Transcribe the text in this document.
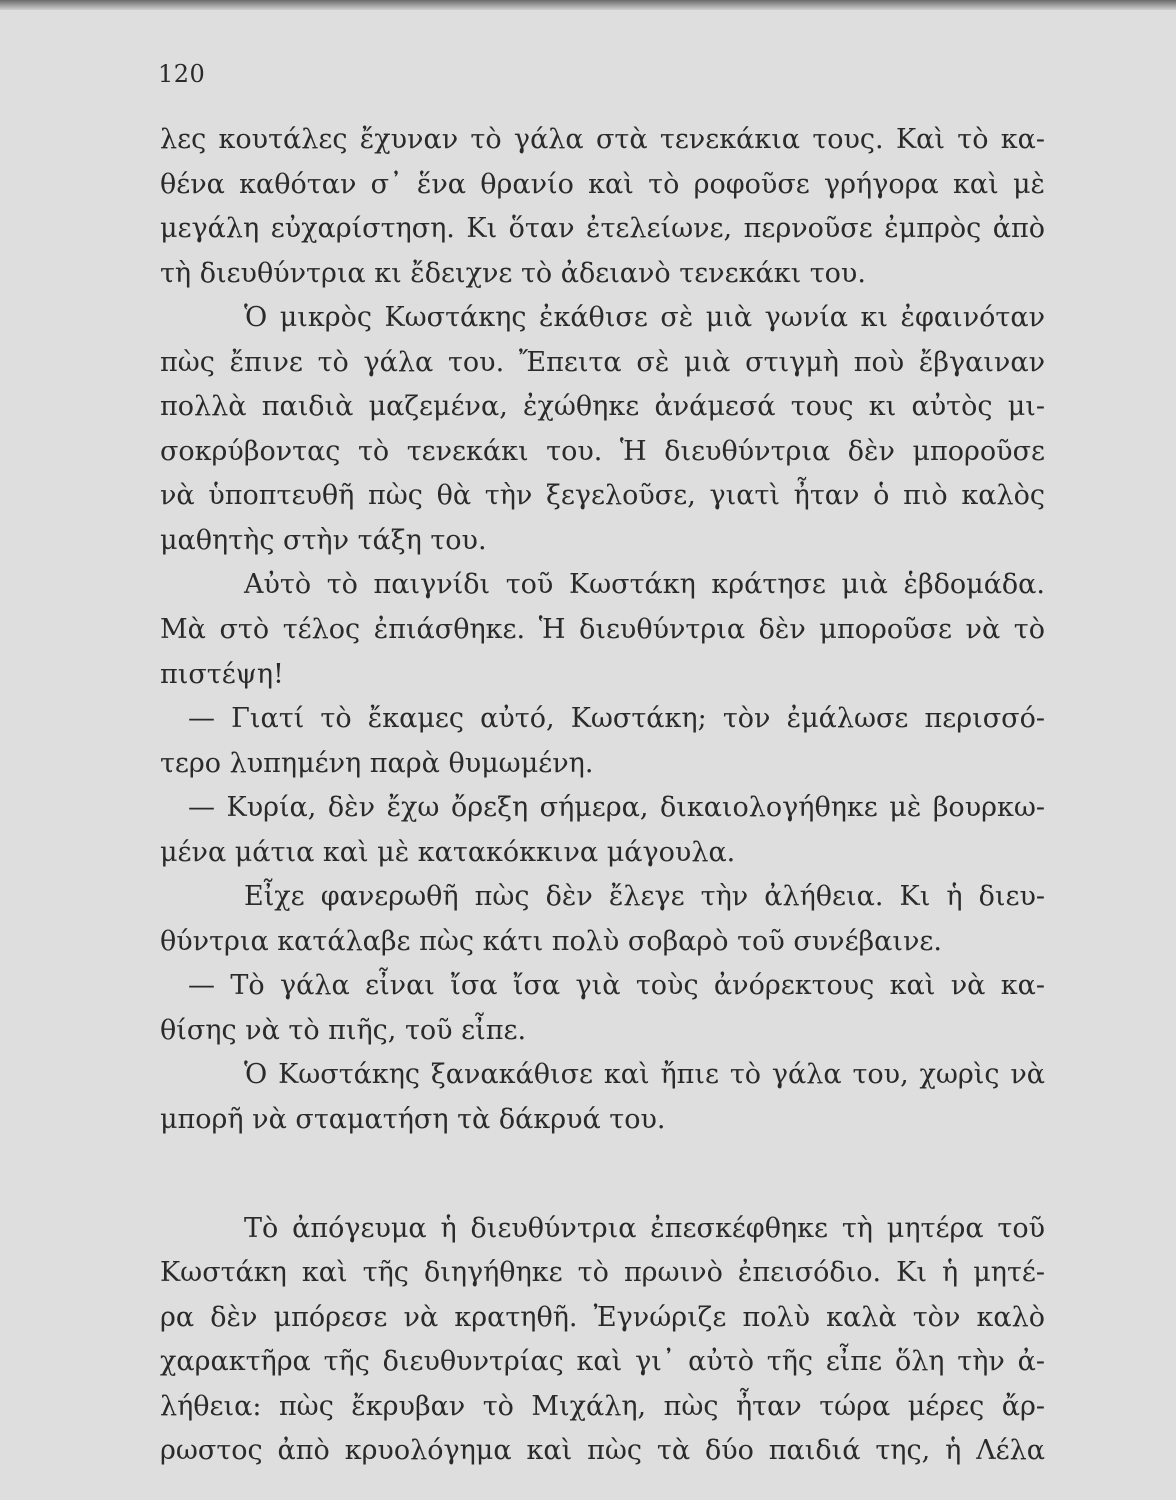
120
λες κουτάλες ἔχυναν τὸ γάλα στὰ τενεκάκια τους. Καὶ τὸ κα-
θένα καθόταν σ᾽ ἕνα θρανίο καὶ τὸ ροφοῦσε γρήγορα καὶ μὲ
μεγάλη εὐχαρίστηση. Κι ὅταν ἐτελείωνε, περνοῦσε ἐμπρὸς ἀπὸ
τὴ διευθύντρια κι ἔδειχνε τὸ ἀδειανὸ τενεκάκι του.
Ὁ μικρὸς Κωστάκης ἐκάθισε σὲ μιὰ γωνία κι ἐφαινόταν
πὼς ἔπινε τὸ γάλα του. Ἔπειτα σὲ μιὰ στιγμὴ ποὺ ἔβγαιναν
πολλὰ παιδιὰ μαζεμένα, ἐχώθηκε ἀνάμεσά τους κι αὐτὸς μι-
σοκρύβοντας τὸ τενεκάκι του. Ἡ διευθύντρια δὲν μποροῦσε
νὰ ὑποπτευθῆ πὼς θὰ τὴν ξεγελοῦσε, γιατὶ ἦταν ὁ πιὸ καλὸς
μαθητὴς στὴν τάξη του.
Αὐτὸ τὸ παιγνίδι τοῦ Κωστάκη κράτησε μιὰ ἑβδομάδα.
Μὰ στὸ τέλος ἐπιάσθηκε. Ἡ διευθύντρια δὲν μποροῦσε νὰ τὸ
πιστέψη!
— Γιατί τὸ ἔκαμες αὐτό, Κωστάκη; τὸν ἐμάλωσε περισσό-
τερο λυπημένη παρὰ θυμωμένη.
— Κυρία, δὲν ἔχω ὄρεξη σήμερα, δικαιολογήθηκε μὲ βουρκω-
μένα μάτια καὶ μὲ κατακόκκινα μάγουλα.
Εἶχε φανερωθῆ πὼς δὲν ἔλεγε τὴν ἀλήθεια. Κι ἡ διευ-
θύντρια κατάλαβε πὼς κάτι πολὺ σοβαρὸ τοῦ συνέβαινε.
— Τὸ γάλα εἶναι ἴσα ἴσα γιὰ τοὺς ἀνόρεκτους καὶ νὰ κα-
θίσης νὰ τὸ πιῆς, τοῦ εἶπε.
Ὁ Κωστάκης ξανακάθισε καὶ ἤπιε τὸ γάλα του, χωρὶς νὰ
μπορῆ νὰ σταματήση τὰ δάκρυά του.
Τὸ ἀπόγευμα ἡ διευθύντρια ἐπεσκέφθηκε τὴ μητέρα τοῦ
Κωστάκη καὶ τῆς διηγήθηκε τὸ πρωινὸ ἐπεισόδιο. Κι ἡ μητέ-
ρα δὲν μπόρεσε νὰ κρατηθῆ. Ἐγνώριζε πολὺ καλὰ τὸν καλὸ
χαρακτῆρα τῆς διευθυντρίας καὶ γι᾽ αὐτὸ τῆς εἶπε ὅλη τὴν ἀ-
λήθεια: πὼς ἔκρυβαν τὸ Μιχάλη, πὼς ἦταν τώρα μέρες ἄρ-
ρωστος ἀπὸ κρυολόγημα καὶ πὼς τὰ δύο παιδιά της, ἡ Λέλα
